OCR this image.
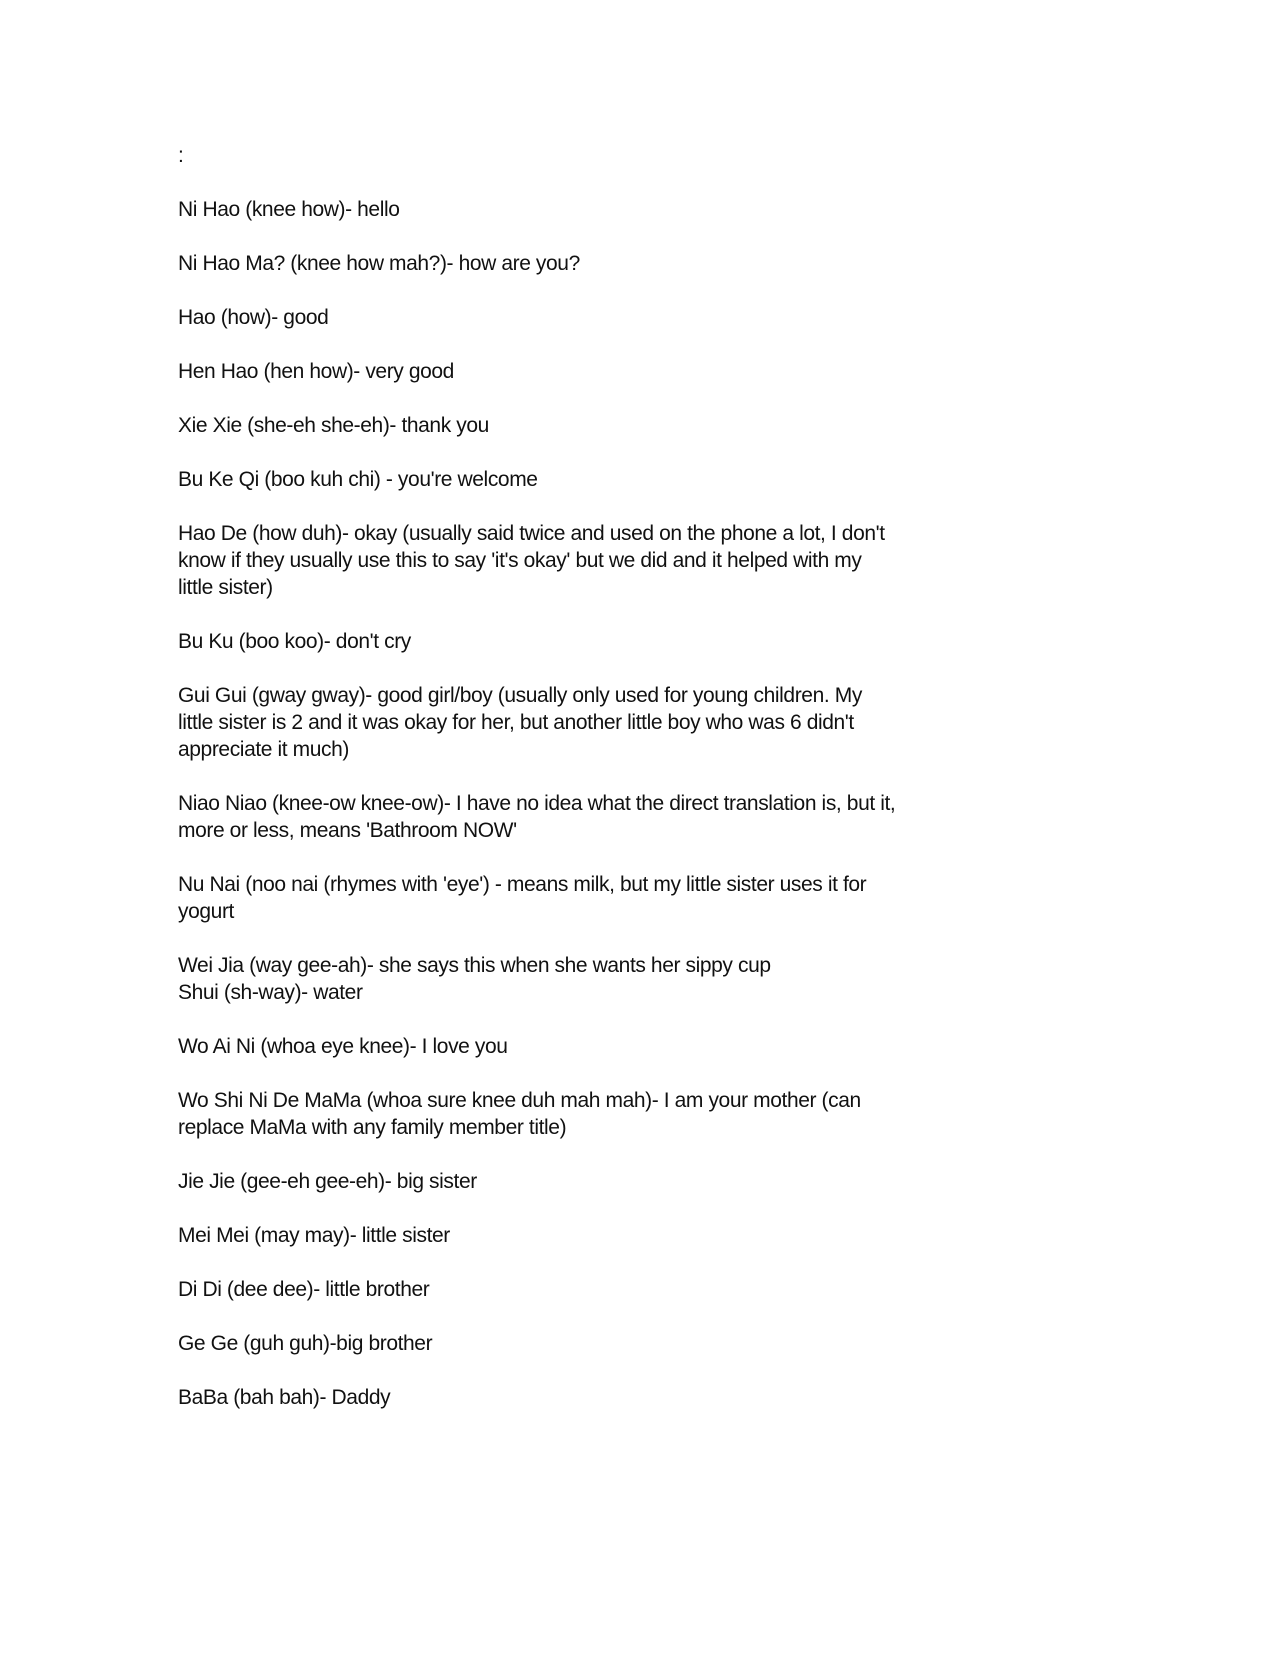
:
Ni Hao (knee how)- hello
Ni Hao Ma? (knee how mah?)- how are you?
Hao (how)- good
Hen Hao (hen how)- very good
Xie Xie (she-eh she-eh)- thank you
Bu Ke Qi (boo kuh chi) - you're welcome
Hao De (how duh)- okay (usually said twice and used on the phone a lot, I don't
know if they usually use this to say 'it's okay' but we did and it helped with my
little sister)
Bu Ku (boo koo)- don't cry
Gui Gui (gway gway)- good girl/boy (usually only used for young children. My
little sister is 2 and it was okay for her, but another little boy who was 6 didn't
appreciate it much)
Niao Niao (knee-ow knee-ow)- I have no idea what the direct translation is, but it,
more or less, means 'Bathroom NOW'
Nu Nai (noo nai (rhymes with 'eye') - means milk, but my little sister uses it for
yogurt
Wei Jia (way gee-ah)- she says this when she wants her sippy cup
Shui (sh-way)- water
Wo Ai Ni (whoa eye knee)- I love you
Wo Shi Ni De MaMa (whoa sure knee duh mah mah)- I am your mother (can
replace MaMa with any family member title)
Jie Jie (gee-eh gee-eh)- big sister
Mei Mei (may may)- little sister
Di Di (dee dee)- little brother
Ge Ge (guh guh)-big brother
BaBa (bah bah)- Daddy
